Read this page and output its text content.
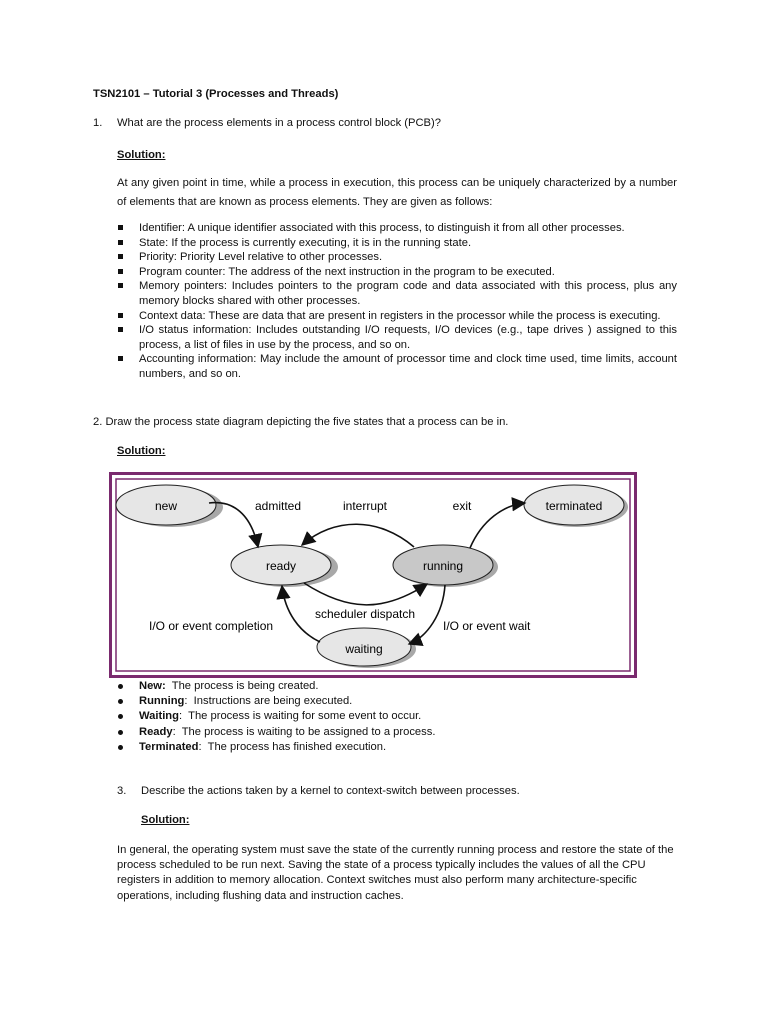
TSN2101 – Tutorial 3 (Processes and Threads)
1. What are the process elements in a process control block (PCB)?
Solution:
At any given point in time, while a process in execution, this process can be uniquely characterized by a number of elements that are known as process elements. They are given as follows:
Identifier: A unique identifier associated with this process, to distinguish it from all other processes.
State: If the process is currently executing, it is in the running state.
Priority: Priority Level relative to other processes.
Program counter: The address of the next instruction in the program to be executed.
Memory pointers: Includes pointers to the program code and data associated with this process, plus any memory blocks shared with other processes.
Context data: These are data that are present in registers in the processor while the process is executing.
I/O status information: Includes outstanding I/O requests, I/O devices (e.g., tape drives ) assigned to this process, a list of files in use by the process, and so on.
Accounting information: May include the amount of processor time and clock time used, time limits, account numbers, and so on.
2. Draw the process state diagram depicting the five states that a process can be in.
Solution:
new	terminated
ready	running
waiting
admitted	interrupt	exit
scheduler dispatch
I/O or event completion	I/O or event wait
New:  The process is being created.
Running:  Instructions are being executed.
Waiting:  The process is waiting for some event to occur.
Ready:  The process is waiting to be assigned to a process.
Terminated:  The process has finished execution.
3. Describe the actions taken by a kernel to context-switch between processes.
Solution:
In general, the operating system must save the state of the currently running process and restore the state of the process scheduled to be run next. Saving the state of a process typically includes the values of all the CPU registers in addition to memory allocation. Context switches must also perform many architecture-specific operations, including flushing data and instruction caches.
